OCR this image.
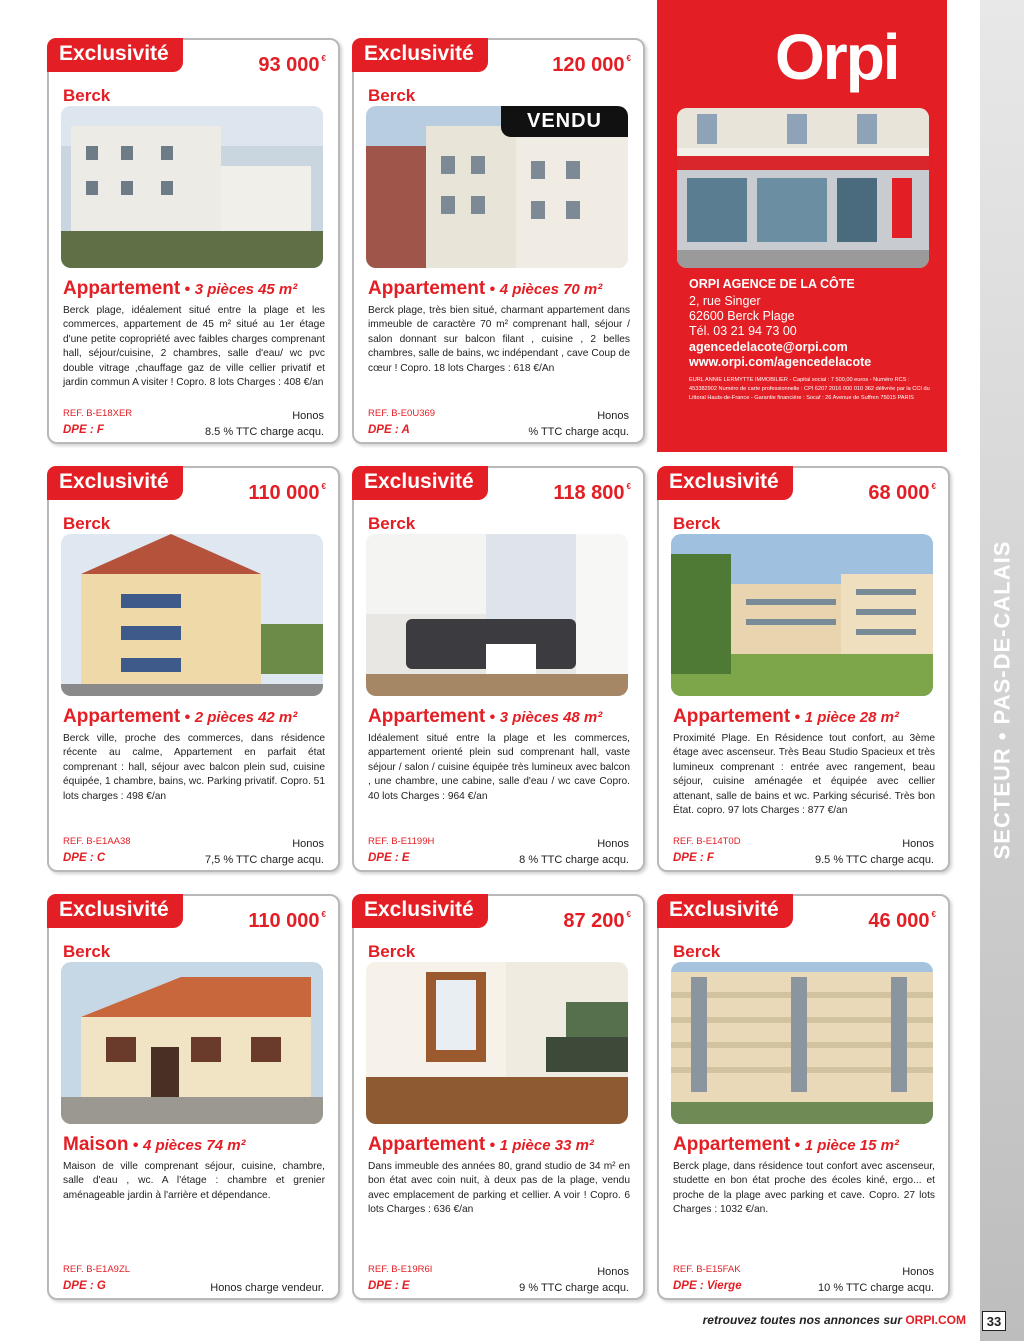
SECTEUR • PAS-DE-CALAIS
Orpi
ORPI AGENCE DE LA CÔTE
2, rue Singer
62600 Berck Plage
Tél. 03 21 94 73 00
agencedelacote@orpi.com
www.orpi.com/agencedelacote
EURL ANNIE LERMYTTE IMMOBILIER - Capital social : 7 500,00 euros - Numéro RCS : 453382902 Numéro de carte professionnelle : CPI 6207 2016 000 010 362 délivrée par la CCI du Littoral Hauts-de-France - Garantie financière : Socaf : 26 Avenue de Suffren 75015 PARIS
Exclusivité	93 000 €
Berck
Appartement • 3 pièces 45 m²
Berck plage, idéalement situé entre la plage et les commerces, appartement de 45 m² situé au 1er étage d'une petite copropriété avec faibles charges comprenant hall, séjour/cuisine, 2 chambres, salle d'eau/ wc pvc double vitrage ,chauffage gaz de ville cellier privatif et jardin commun A visiter ! Copro. 8 lots Charges : 408 €/an
REF. B-E18XER
DPE : F
Honos
8.5 % TTC charge acqu.
Exclusivité	120 000 €
Berck
VENDU
Appartement • 4 pièces 70 m²
Berck plage, très bien situé, charmant appartement dans immeuble de caractère 70 m² comprenant hall, séjour / salon donnant sur balcon filant , cuisine , 2 belles chambres, salle de bains, wc indépendant , cave Coup de cœur ! Copro. 18 lots Charges : 618 €/An
REF. B-E0U369
DPE : A
Honos
% TTC charge acqu.
Exclusivité	110 000 €
Berck
Appartement • 2 pièces 42 m²
Berck ville, proche des commerces, dans résidence récente au calme, Appartement en parfait état comprenant : hall, séjour avec balcon plein sud, cuisine équipée, 1 chambre, bains, wc. Parking privatif. Copro. 51 lots charges : 498 €/an
REF. B-E1AA38
DPE : C
Honos
7,5 % TTC charge acqu.
Exclusivité	118 800 €
Berck
Appartement • 3 pièces 48 m²
Idéalement situé entre la plage et les commerces, appartement orienté plein sud comprenant hall, vaste séjour / salon / cuisine équipée très lumineux avec balcon , une chambre, une cabine, salle d'eau / wc cave Copro. 40 lots Charges : 964 €/an
REF. B-E1199H
DPE : E
Honos
8 % TTC charge acqu.
Exclusivité	68 000 €
Berck
Appartement • 1 pièce 28 m²
Proximité Plage. En Résidence tout confort, au 3ème étage avec ascenseur. Très Beau Studio Spacieux et très lumineux comprenant : entrée avec rangement, beau séjour, cuisine aménagée et équipée avec cellier attenant, salle de bains et wc. Parking sécurisé. Très bon État. copro. 97 lots Charges : 877 €/an
REF. B-E14T0D
DPE : F
Honos
9.5 % TTC charge acqu.
Exclusivité	110 000 €
Berck
Maison • 4 pièces 74 m²
Maison de ville comprenant séjour, cuisine, chambre, salle d'eau , wc. A l'étage : chambre et grenier aménageable jardin à l'arrière et dépendance.
REF. B-E1A9ZL
DPE : G	Honos charge vendeur.
Exclusivité	87 200 €
Berck
Appartement • 1 pièce 33 m²
Dans immeuble des années 80, grand studio de 34 m² en bon état avec coin nuit, à deux pas de la plage, vendu avec emplacement de parking et cellier. A voir ! Copro. 6 lots Charges : 636 €/an
REF. B-E19R6I
DPE : E
Honos
9 % TTC charge acqu.
Exclusivité	46 000 €
Berck
Appartement • 1 pièce 15 m²
Berck plage, dans résidence tout confort avec ascenseur, studette en bon état proche des écoles kiné, ergo... et proche de la plage avec parking et cave. Copro. 27 lots Charges : 1032 €/an.
REF. B-E15FAK
DPE : Vierge
Honos
10 % TTC charge acqu.
retrouvez toutes nos annonces sur ORPI.COM	33
